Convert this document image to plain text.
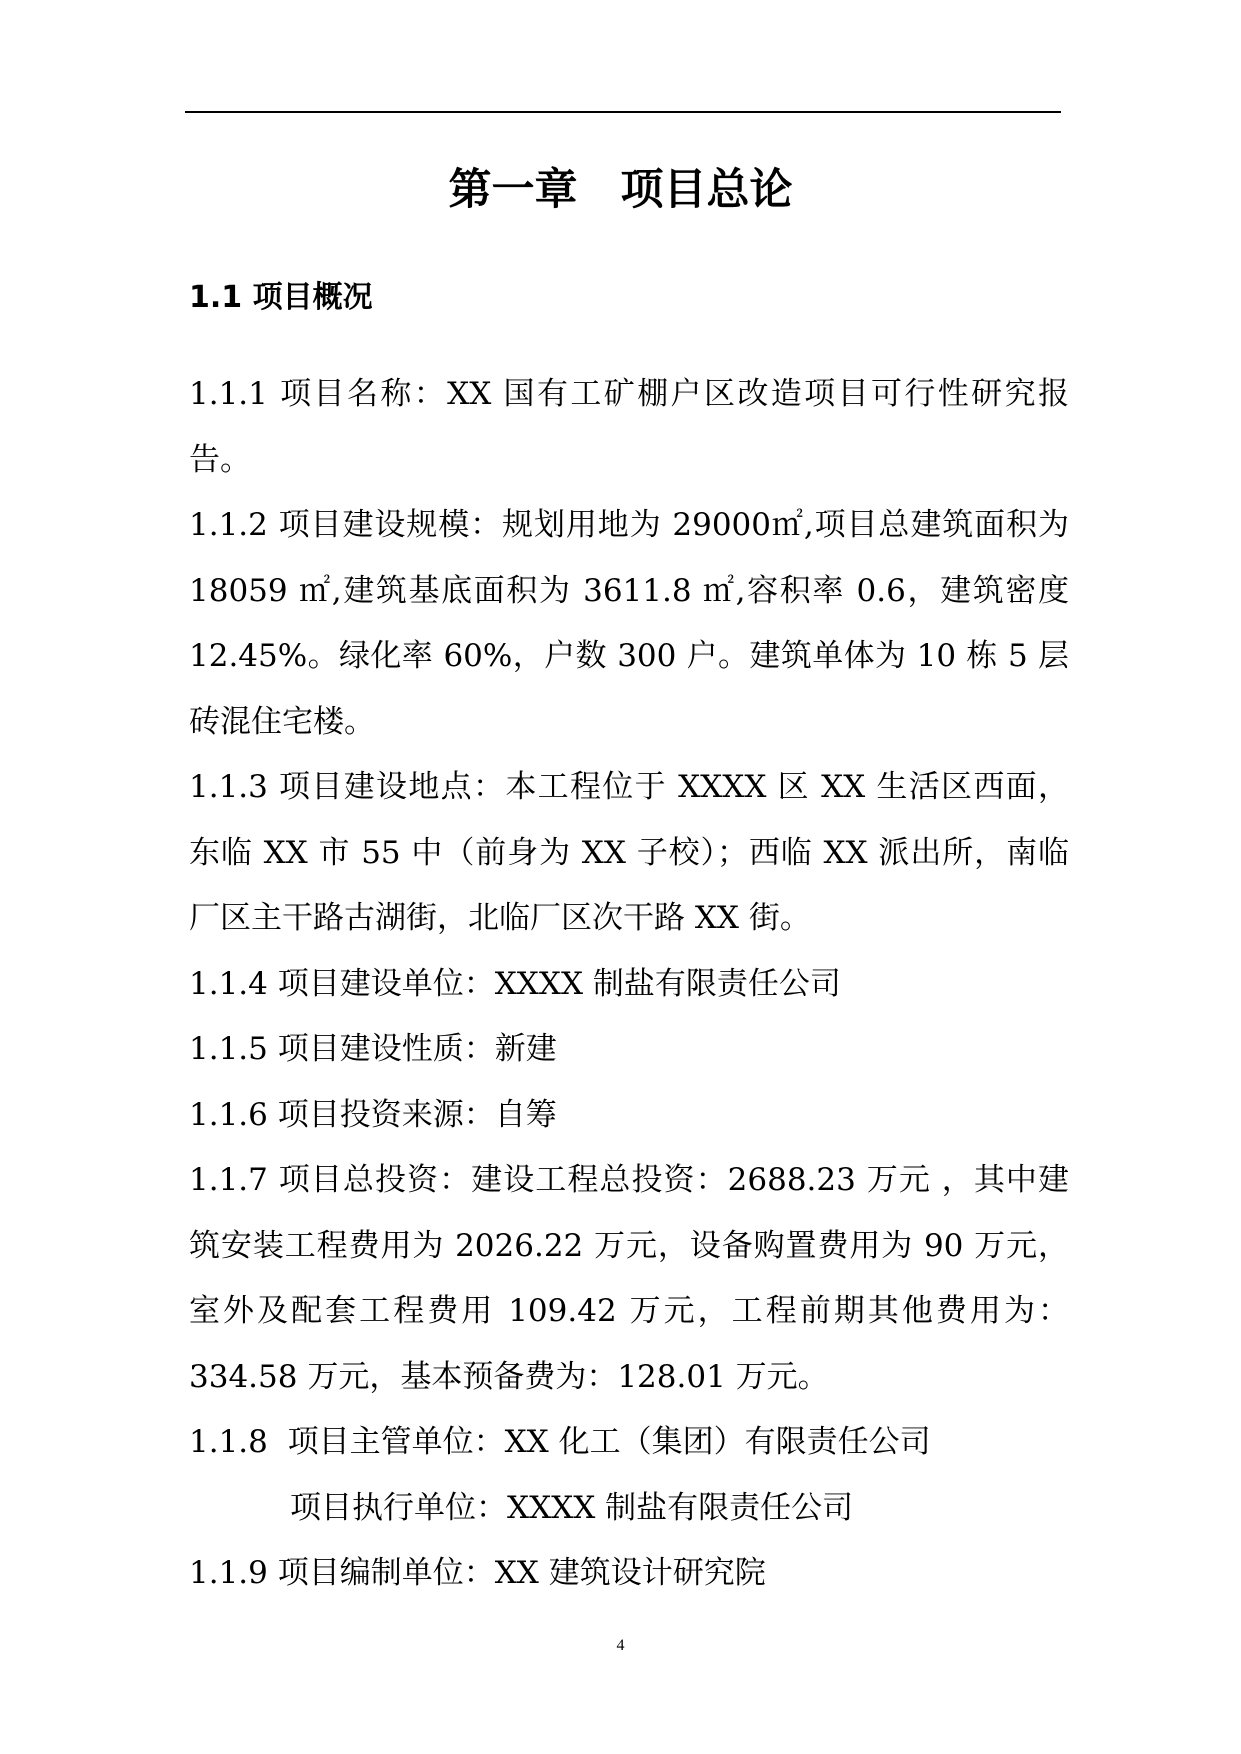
第一章　项目总论
1.1 项目概况

1.1.1 项目名称：XX 国有工矿棚户区改造项目可行性研究报告。

1.1.2 项目建设规模：规划用地为 29000㎡,项目总建筑面积为 18059 ㎡,建筑基底面积为 3611.8 ㎡,容积率 0.6，建筑密度 12.45%。绿化率 60%，户数 300 户。建筑单体为 10 栋 5 层砖混住宅楼。

1.1.3 项目建设地点：本工程位于 XXXX 区 XX 生活区西面，东临 XX 市 55 中（前身为 XX 子校）；西临 XX 派出所，南临厂区主干路古湖街，北临厂区次干路 XX 街。

1.1.4 项目建设单位：XXXX 制盐有限责任公司

1.1.5 项目建设性质：新建

1.1.6 项目投资来源：自筹

1.1.7 项目总投资：建设工程总投资：2688.23 万元 ，其中建筑安装工程费用为 2026.22 万元，设备购置费用为 90 万元，室外及配套工程费用 109.42 万元，工程前期其他费用为：334.58 万元，基本预备费为：128.01 万元。

1.1.8  项目主管单位：XX 化工（集团）有限责任公司

项目执行单位：XXXX 制盐有限责任公司

1.1.9 项目编制单位：XX 建筑设计研究院

4
